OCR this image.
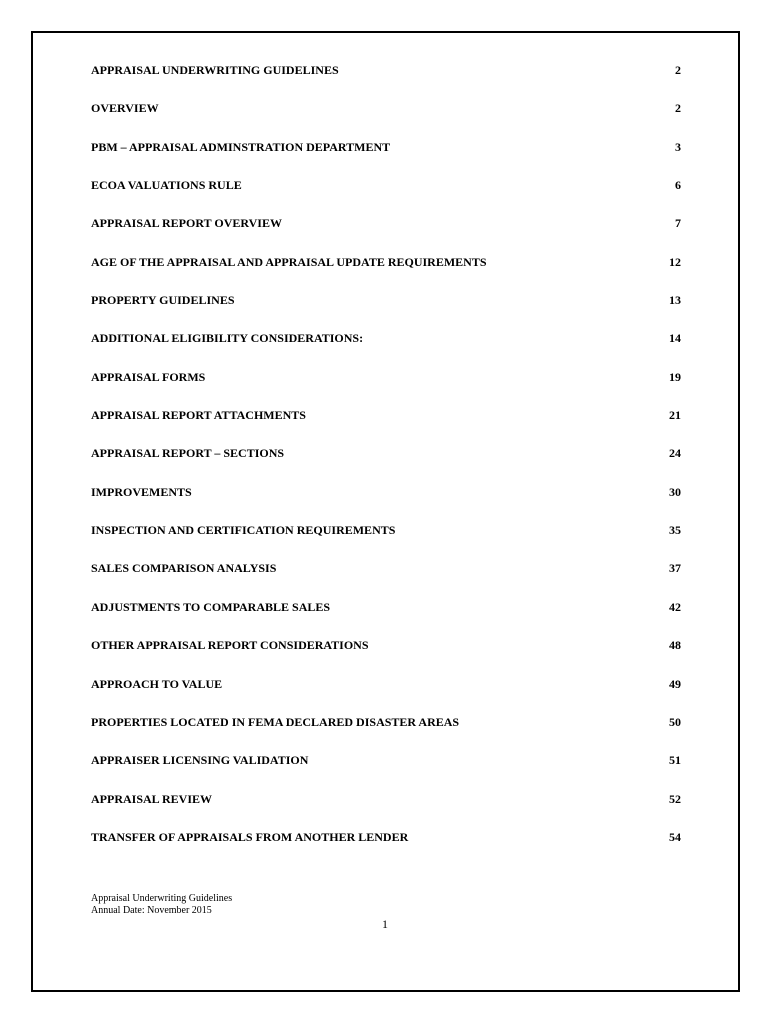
APPRAISAL UNDERWRITING GUIDELINES	2
OVERVIEW	2
PBM – APPRAISAL ADMINSTRATION DEPARTMENT	3
ECOA VALUATIONS RULE	6
APPRAISAL REPORT OVERVIEW	7
AGE OF THE APPRAISAL AND APPRAISAL UPDATE REQUIREMENTS	12
PROPERTY GUIDELINES	13
ADDITIONAL ELIGIBILITY CONSIDERATIONS:	14
APPRAISAL FORMS	19
APPRAISAL REPORT ATTACHMENTS	21
APPRAISAL REPORT – SECTIONS	24
IMPROVEMENTS	30
INSPECTION AND CERTIFICATION REQUIREMENTS	35
SALES COMPARISON ANALYSIS	37
ADJUSTMENTS TO COMPARABLE SALES	42
OTHER APPRAISAL REPORT CONSIDERATIONS	48
APPROACH TO VALUE	49
PROPERTIES LOCATED IN FEMA DECLARED DISASTER AREAS	50
APPRAISER LICENSING VALIDATION	51
APPRAISAL REVIEW	52
TRANSFER OF APPRAISALS FROM ANOTHER LENDER	54
Appraisal Underwriting Guidelines
Annual Date: November 2015
1
